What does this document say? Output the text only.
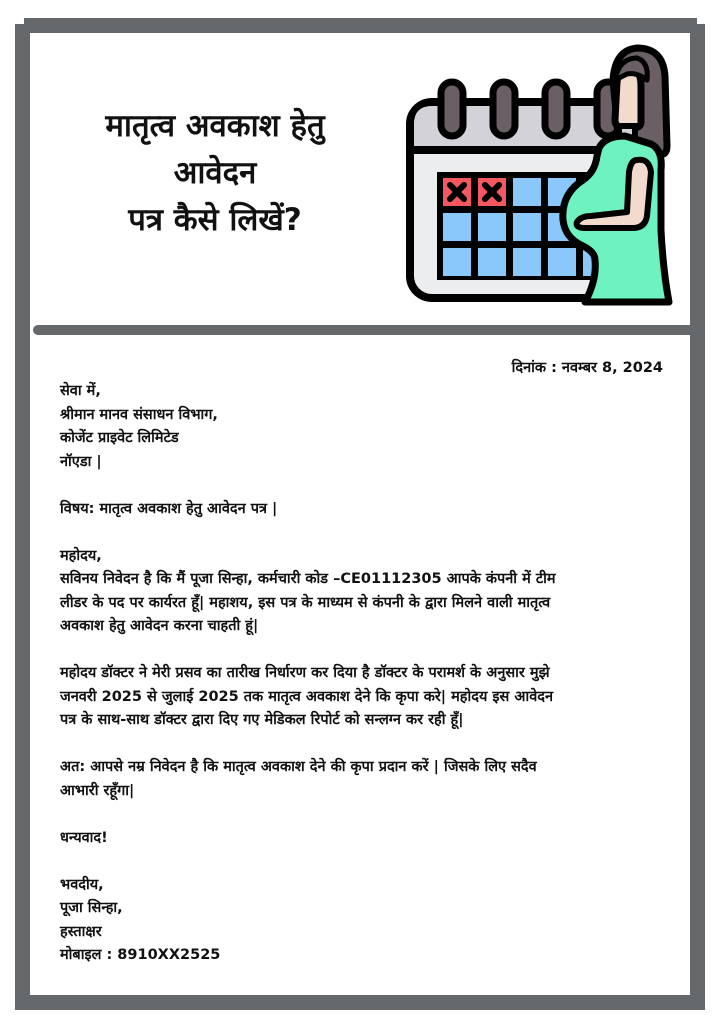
मातृत्व अवकाश हेतु
आवेदन
पत्र कैसे लिखें?
दिनांक : नवम्बर 8, 2024

सेवा में,

श्रीमान मानव संसाधन विभाग,

कोजेंट प्राइवेट लिमिटेड

नॉएडा |

विषय: मातृत्व अवकाश हेतु आवेदन पत्र |

महोदय,

सविनय निवेदन है कि मैं पूजा सिन्हा, कर्मचारी कोड –CE01112305 आपके कंपनी में टीम

लीडर के पद पर कार्यरत हूँ| महाशय, इस पत्र के माध्यम से कंपनी के द्वारा मिलने वाली मातृत्व

अवकाश हेतु आवेदन करना चाहती हूं|

महोदय डॉक्टर ने मेरी प्रसव का तारीख निर्धारण कर दिया है डॉक्टर के परामर्श के अनुसार मुझे

जनवरी 2025 से जुलाई 2025 तक मातृत्व अवकाश देने कि कृपा करे| महोदय इस आवेदन

पत्र के साथ-साथ डॉक्टर द्वारा दिए गए मेडिकल रिपोर्ट को सन्लग्न कर रही हूँ|

अत: आपसे नम्र निवेदन है कि मातृत्व अवकाश देने की कृपा प्रदान करें | जिसके लिए सदैव

आभारी रहूँगा|

धन्यवाद!

भवदीय,

पूजा सिन्हा,

हस्ताक्षर

मोबाइल : 8910XX2525
